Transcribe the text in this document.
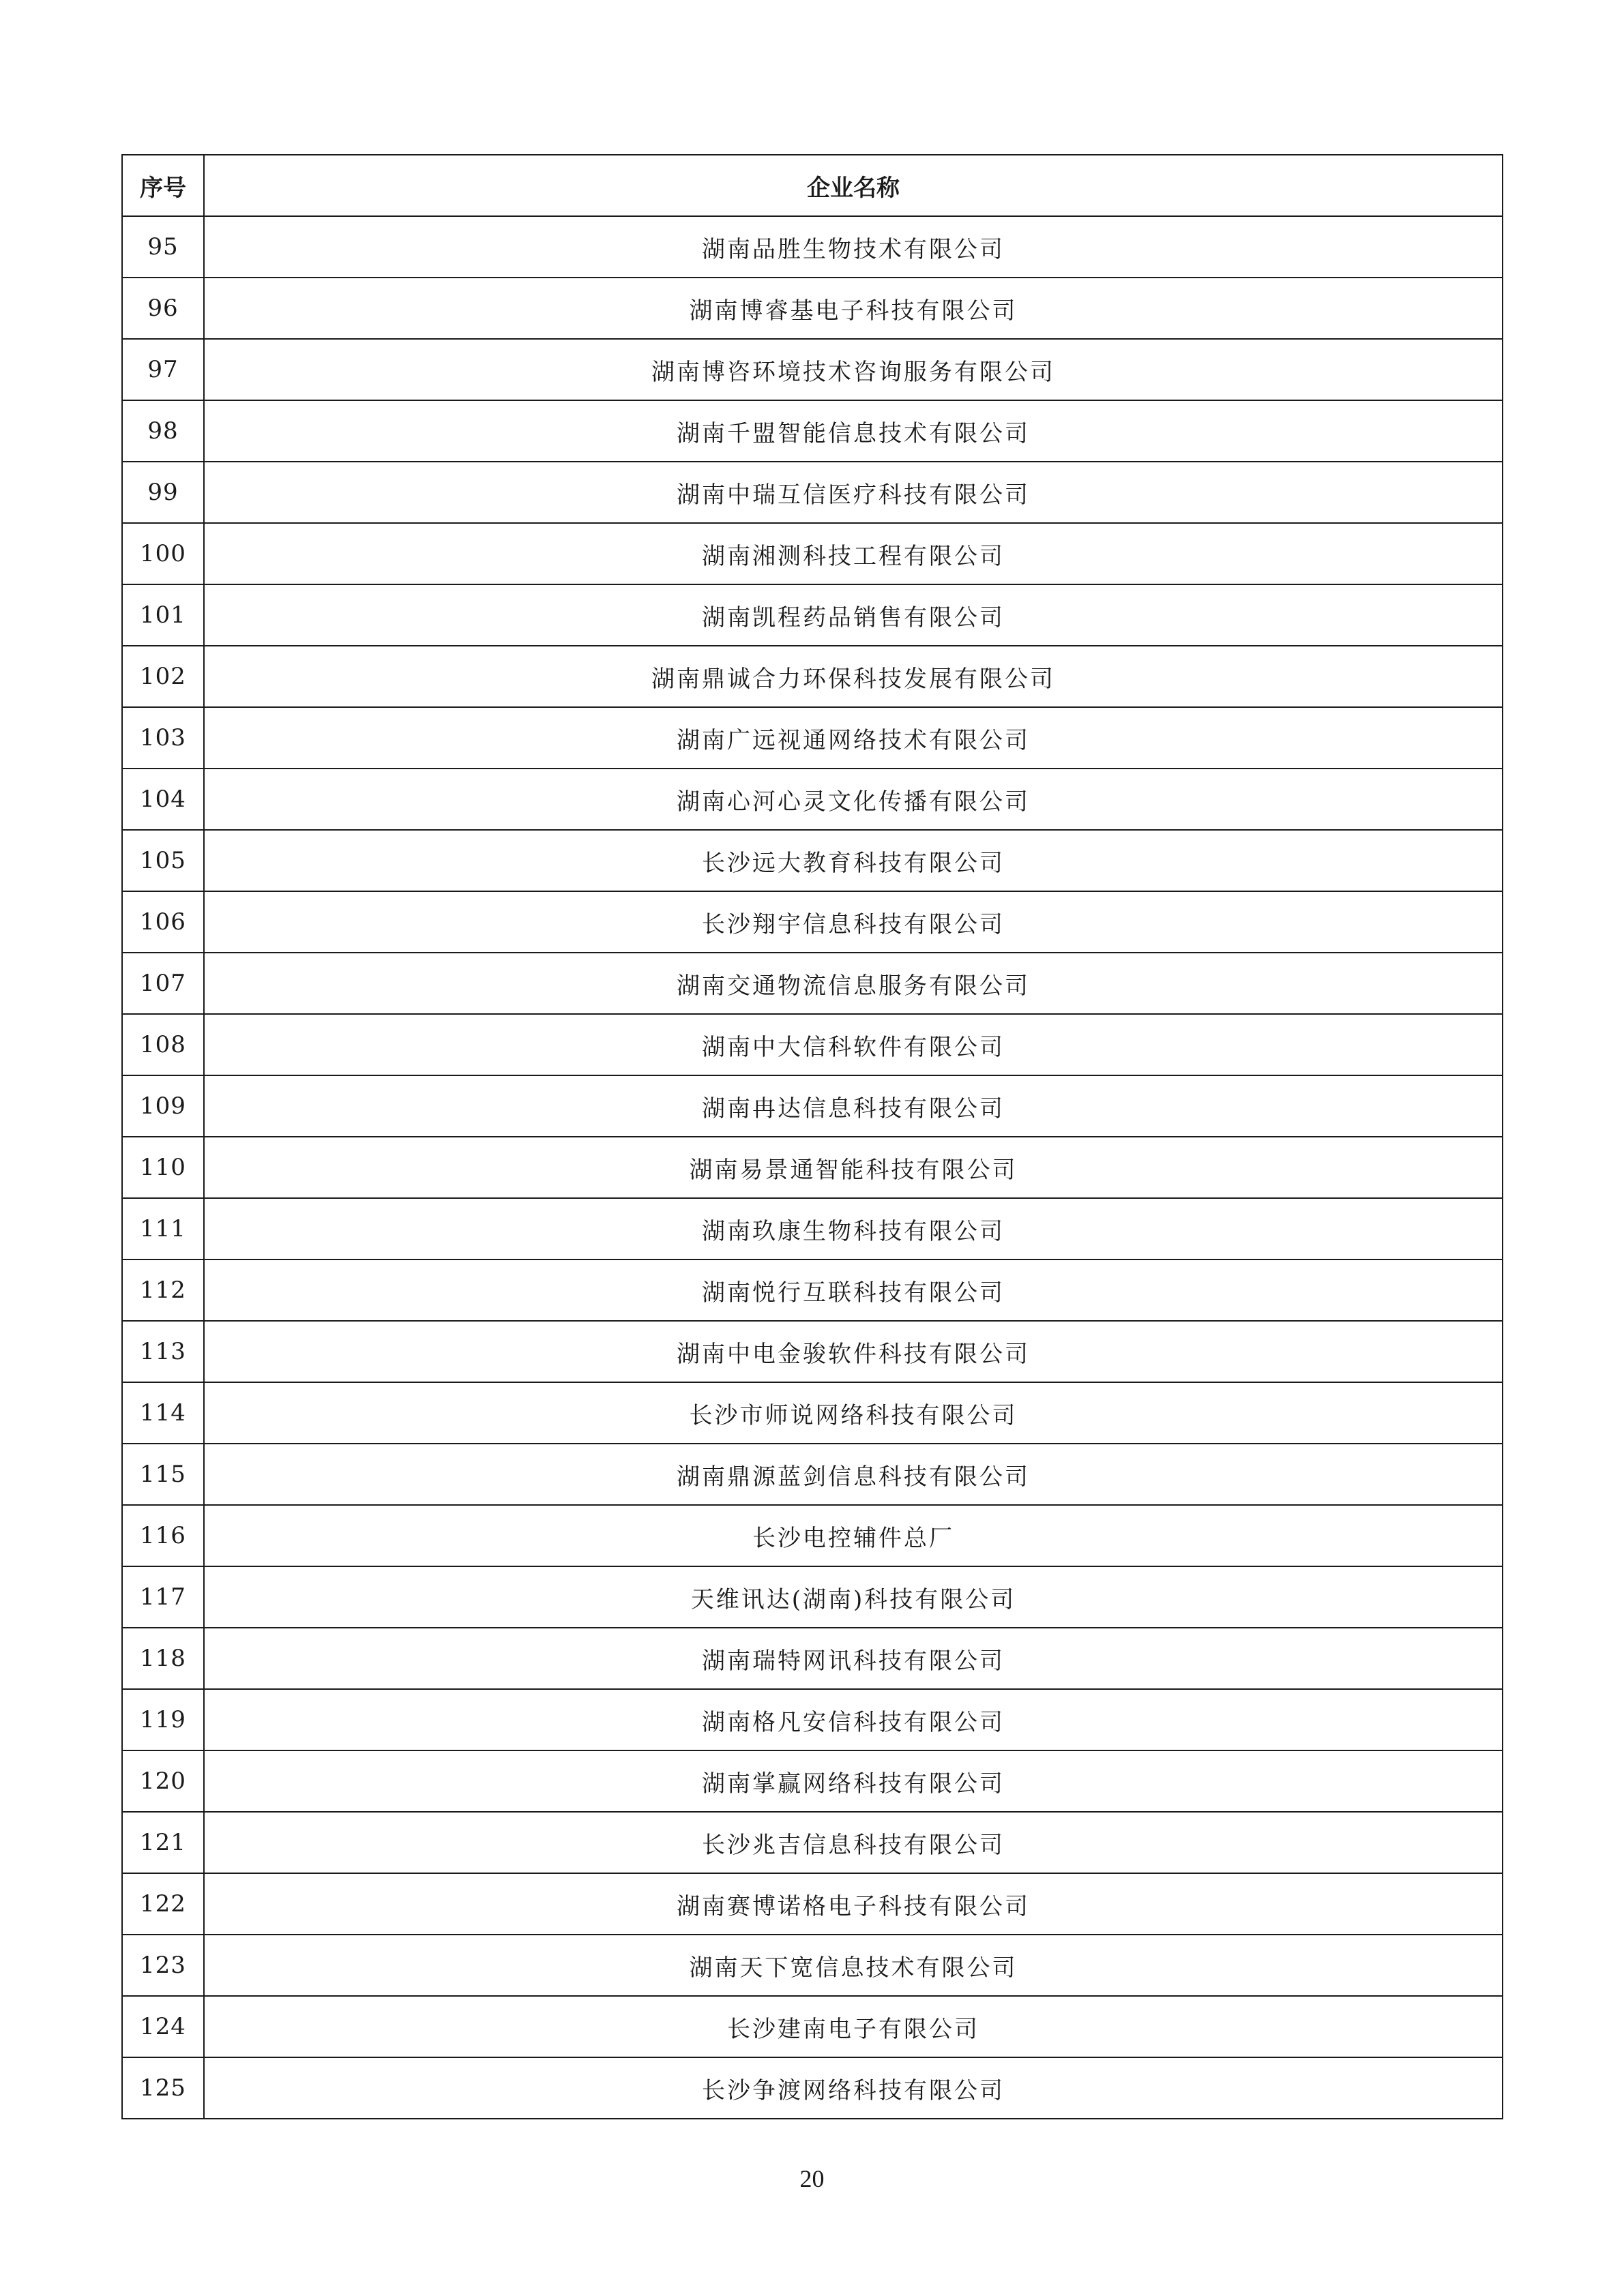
序号	企业名称
95	湖南品胜生物技术有限公司
96	湖南博睿基电子科技有限公司
97	湖南博咨环境技术咨询服务有限公司
98	湖南千盟智能信息技术有限公司
99	湖南中瑞互信医疗科技有限公司
100	湖南湘测科技工程有限公司
101	湖南凯程药品销售有限公司
102	湖南鼎诚合力环保科技发展有限公司
103	湖南广远视通网络技术有限公司
104	湖南心河心灵文化传播有限公司
105	长沙远大教育科技有限公司
106	长沙翔宇信息科技有限公司
107	湖南交通物流信息服务有限公司
108	湖南中大信科软件有限公司
109	湖南冉达信息科技有限公司
110	湖南易景通智能科技有限公司
111	湖南玖康生物科技有限公司
112	湖南悦行互联科技有限公司
113	湖南中电金骏软件科技有限公司
114	长沙市师说网络科技有限公司
115	湖南鼎源蓝剑信息科技有限公司
116	长沙电控辅件总厂
117	天维讯达(湖南)科技有限公司
118	湖南瑞特网讯科技有限公司
119	湖南格凡安信科技有限公司
120	湖南掌赢网络科技有限公司
121	长沙兆吉信息科技有限公司
122	湖南赛博诺格电子科技有限公司
123	湖南天下宽信息技术有限公司
124	长沙建南电子有限公司
125	长沙争渡网络科技有限公司
20
